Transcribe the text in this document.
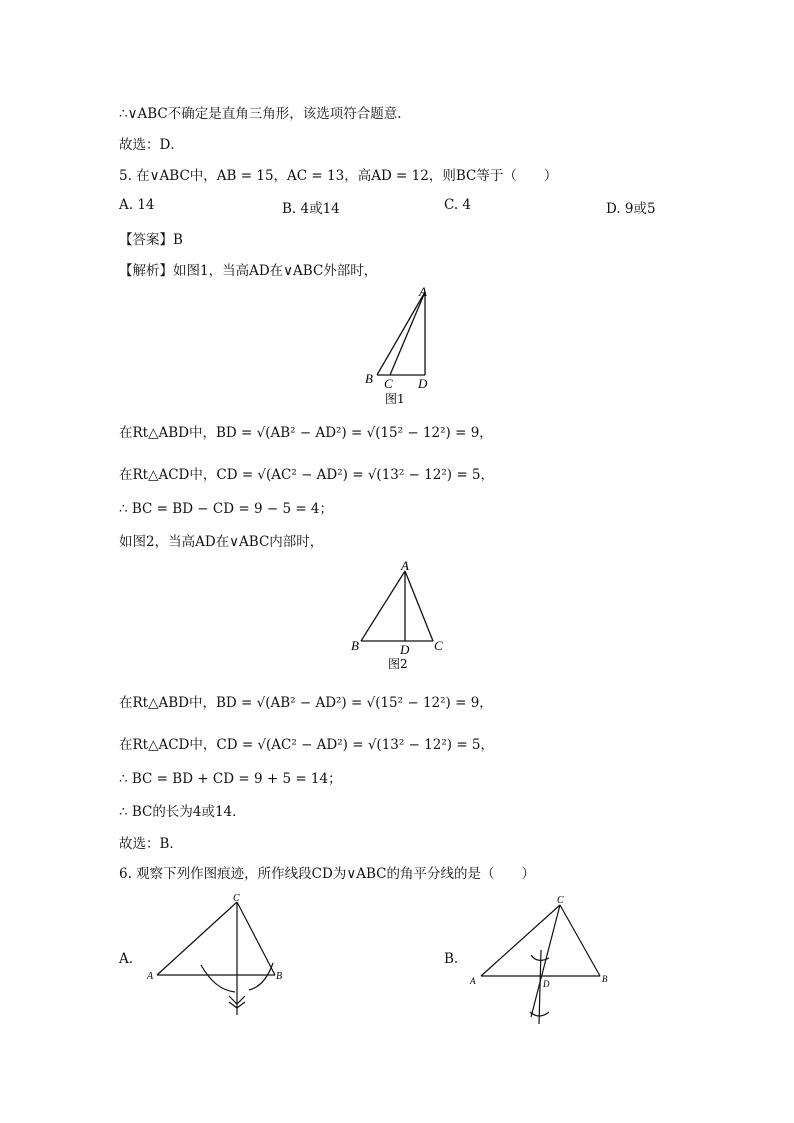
∴∨ABC不确定是直角三角形，该选项符合题意.
故选：D．
5. 在∨ABC中，AB = 15，AC = 13，高AD = 12，则BC等于（　　）
A. 14	B. 4或14	C. 4	D. 9或5
【答案】B
【解析】如图1，当高AD在∨ABC外部时，
A
B C D
图1
在Rt△ABD中，BD = √(AB² − AD²) = √(15² − 12²) = 9，
在Rt△ACD中，CD = √(AC² − AD²) = √(13² − 12²) = 5，
∴ BC = BD − CD = 9 − 5 = 4；
如图2，当高AD在∨ABC内部时，
A
B	D C
图2
在Rt△ABD中，BD = √(AB² − AD²) = √(15² − 12²) = 9，
在Rt△ACD中，CD = √(AC² − AD²) = √(13² − 12²) = 5，
∴ BC = BD + CD = 9 + 5 = 14；
∴ BC的长为4或14．
故选：B．
6. 观察下列作图痕迹，所作线段CD为∨ABC的角平分线的是（　　）
A.
C
A	B
B.
C
A	D	B
